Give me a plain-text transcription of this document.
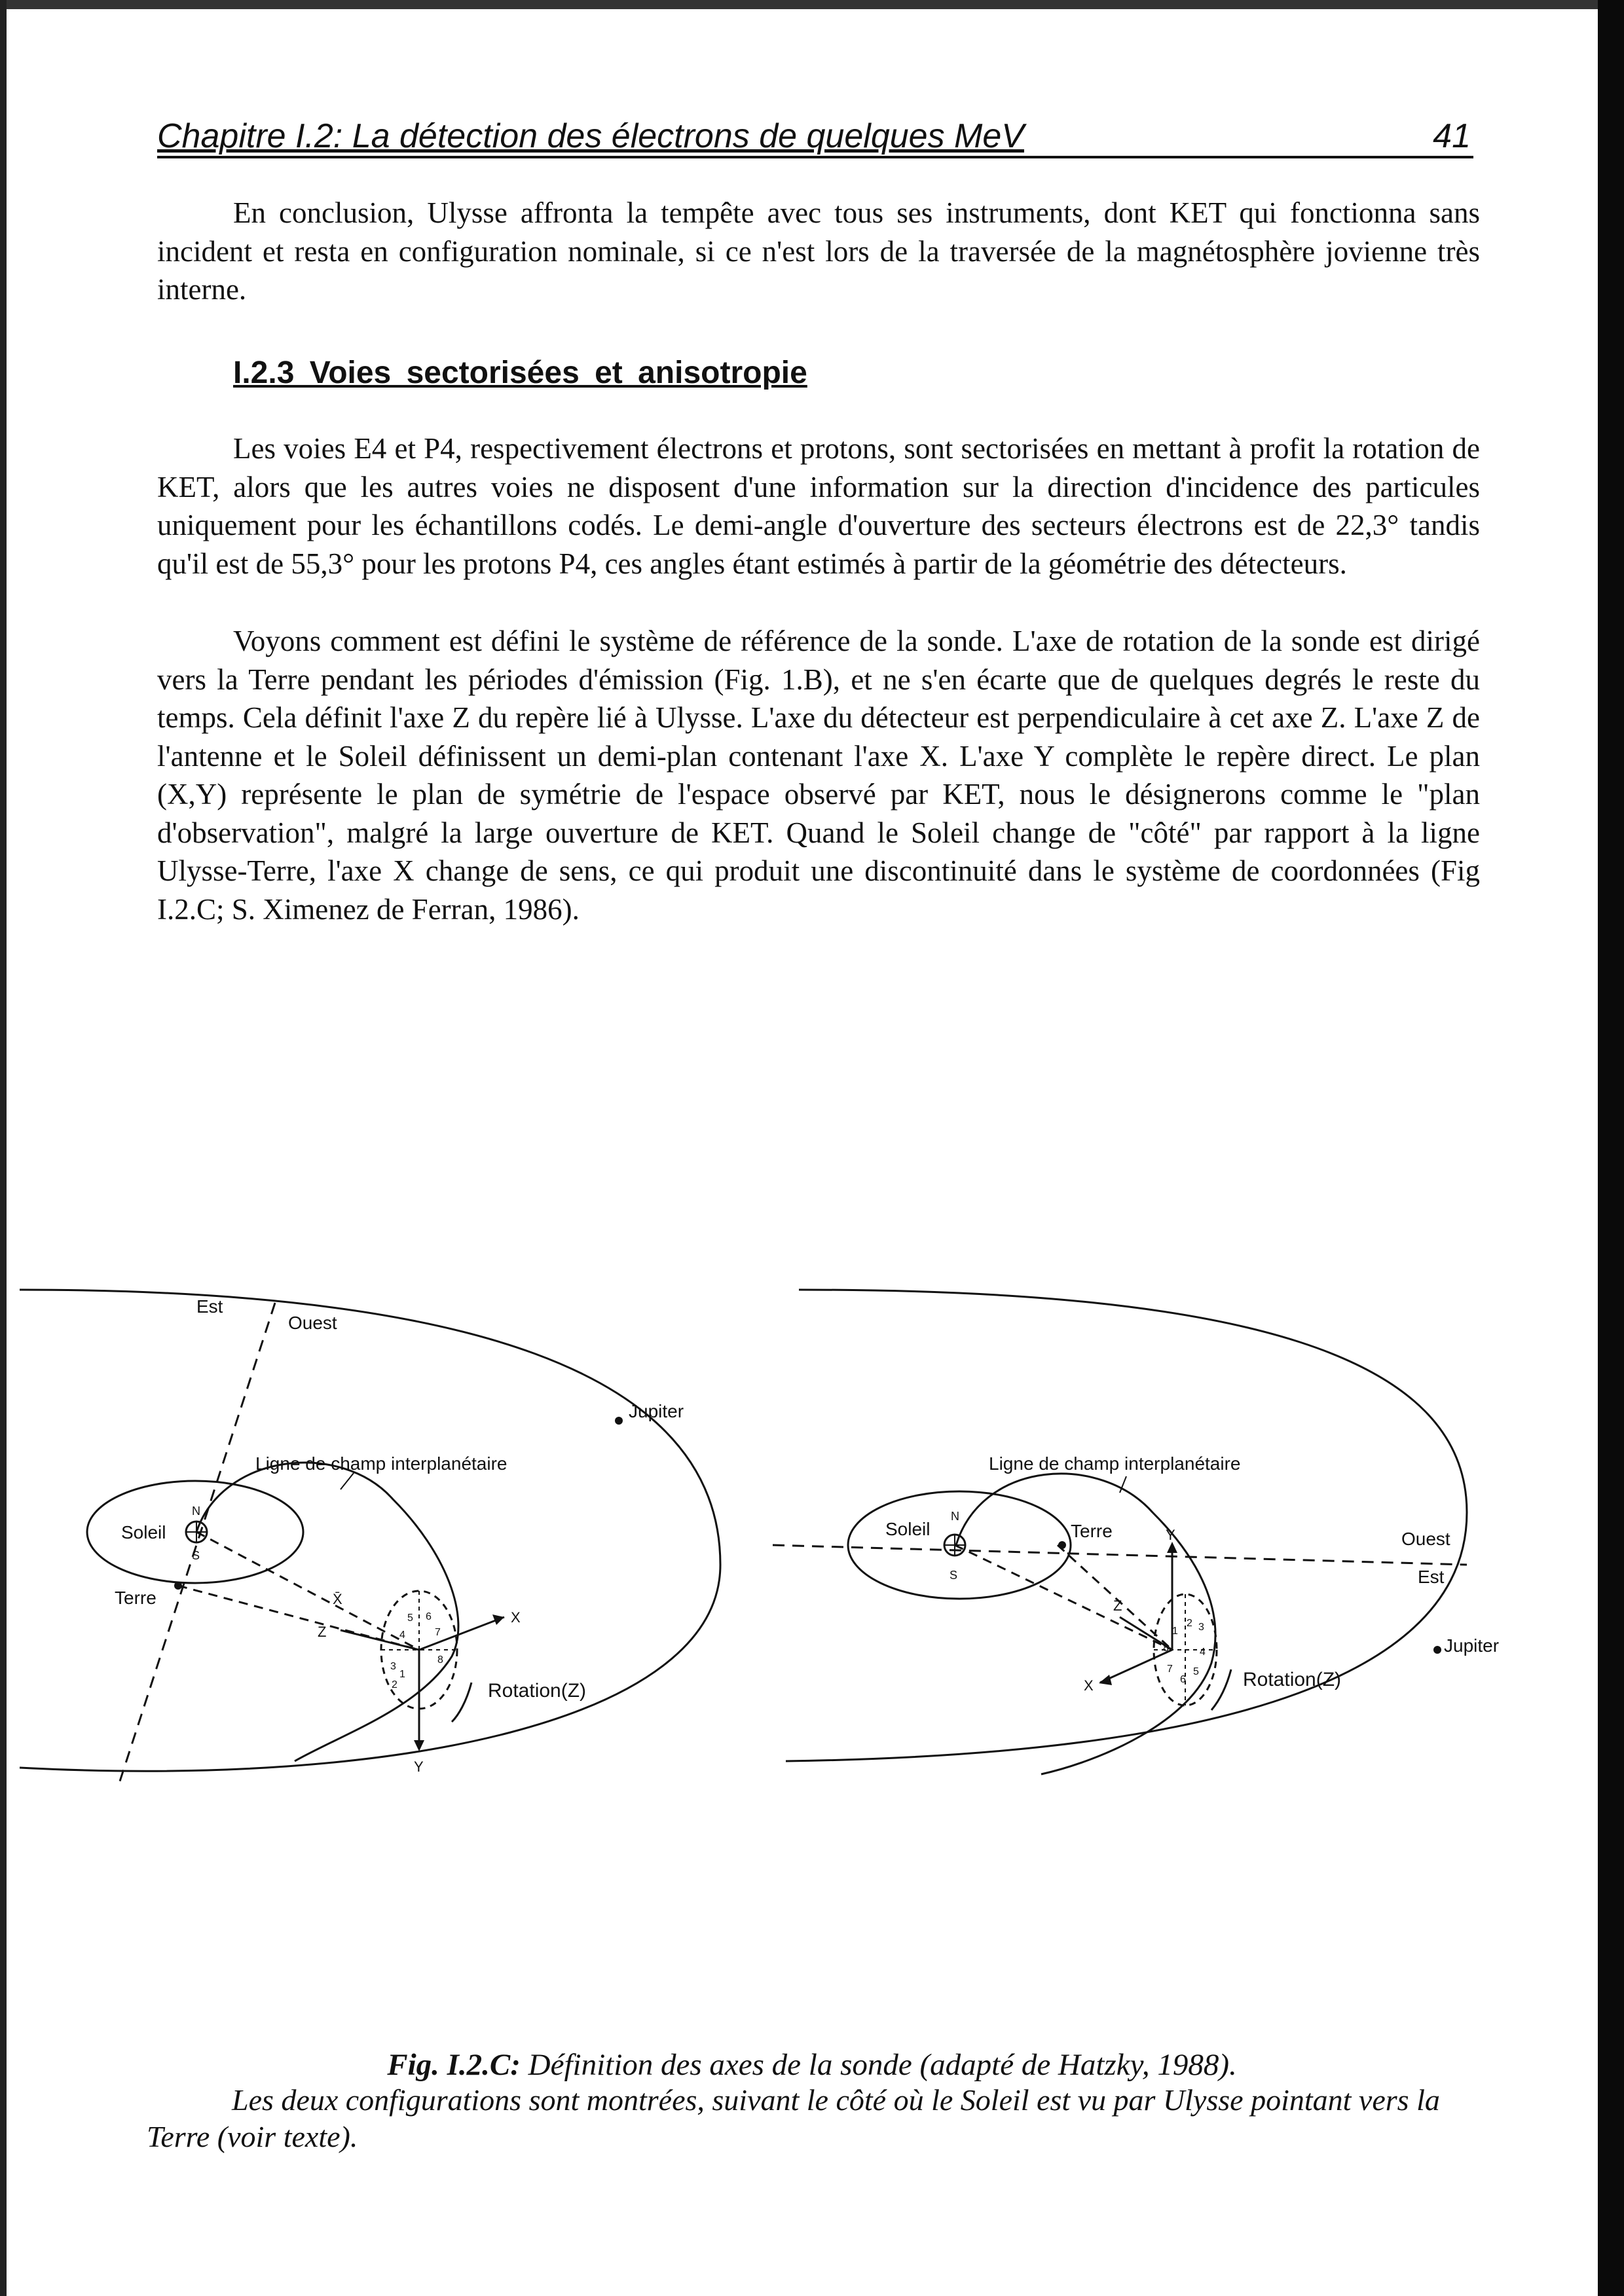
Chapitre I.2: La détection des électrons de quelques MeV	41

En conclusion, Ulysse affronta la tempête avec tous ses instruments, dont KET qui fonctionna sans incident et resta en configuration nominale, si ce n'est lors de la traversée de la magnétosphère jovienne très interne.

I.2.3 Voies sectorisées et anisotropie

Les voies E4 et P4, respectivement électrons et protons, sont sectorisées en mettant à profit la rotation de KET, alors que les autres voies ne disposent d'une information sur la direction d'incidence des particules uniquement pour les échantillons codés. Le demi-angle d'ouverture des secteurs électrons est de 22,3° tandis qu'il est de 55,3° pour les protons P4, ces angles étant estimés à partir de la géométrie des détecteurs.

Voyons comment est défini le système de référence de la sonde. L'axe de rotation de la sonde est dirigé vers la Terre pendant les périodes d'émission (Fig. 1.B), et ne s'en écarte que de quelques degrés le reste du temps. Cela définit l'axe Z du repère lié à Ulysse. L'axe du détecteur est perpendiculaire à cet axe Z. L'axe Z de l'antenne et le Soleil définissent un demi-plan contenant l'axe X. L'axe Y complète le repère direct. Le plan (X,Y) représente le plan de symétrie de l'espace observé par KET, nous le désignerons comme le "plan d'observation", malgré la large ouverture de KET. Quand le Soleil change de "côté" par rapport à la ligne Ulysse-Terre, l'axe X change de sens, ce qui produit une discontinuité dans le système de coordonnées (Fig I.2.C; S. Ximenez de Ferran, 1986).

Est
Ouest
Jupiter
Ligne de champ interplanétaire
Soleil
Terre
N
S
X̄
Z
X
Y
Rotation(Z)
1
2
3
4
5 6
7
8
Ligne de champ interplanétaire
Soleil	Terre
N
S
Z
X
Y	Ouest
Est
Jupiter
Rotation(Z)
1
2 3
4
5
6
7
8
Fig. I.2.C: Définition des axes de la sonde (adapté de Hatzky, 1988).

Les deux configurations sont montrées, suivant le côté où le Soleil est vu par Ulysse pointant vers la Terre (voir texte).
